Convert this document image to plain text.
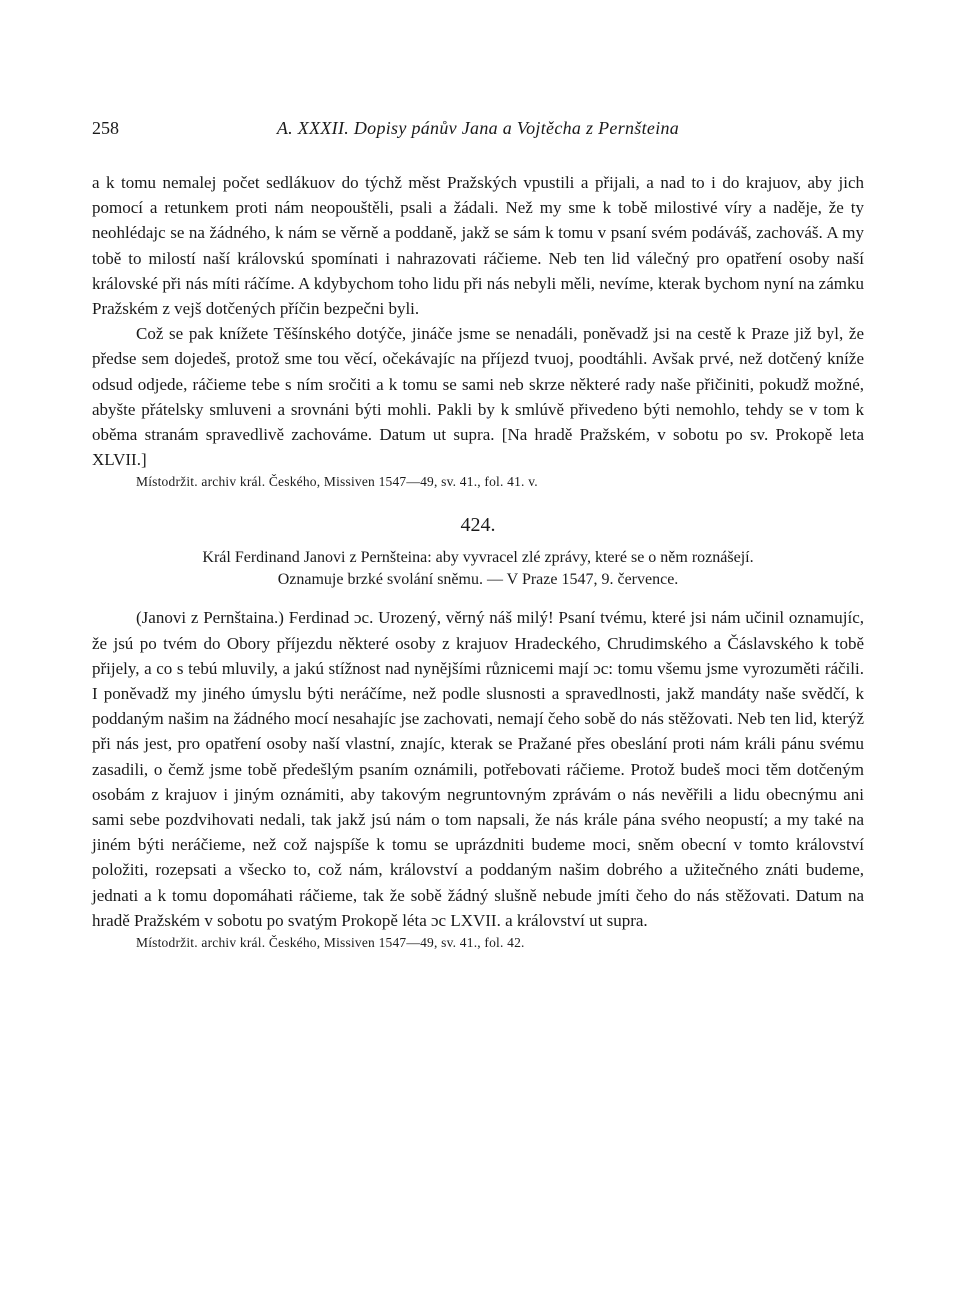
258	A. XXXII. Dopisy pánův Jana a Vojtěcha z Pernšteina

a k tomu nemalej počet sedlákuov do týchž měst Pražských vpustili a přijali, a nad to i do krajuov, aby jich pomocí a retunkem proti nám neopouštěli, psali a žádali. Než my sme k tobě milostivé víry a naděje, že ty neohlédajc se na žádného, k nám se věrně a poddaně, jakž se sám k tomu v psaní svém podáváš, zachováš. A my tobě to milostí naší královskú spomínati i nahrazovati ráčieme. Neb ten lid válečný pro opatření osoby naší královské při nás míti ráčíme. A kdybychom toho lidu při nás nebyli měli, nevíme, kterak bychom nyní na zámku Pražském z vejš dotčených příčin bezpečni byli.

Což se pak knížete Těšínského dotýče, jináče jsme se nenadáli, poněvadž jsi na cestě k Praze již byl, že předse sem dojedeš, protož sme tou věcí, očekávajíc na příjezd tvuoj, poodtáhli. Avšak prvé, než dotčený kníže odsud odjede, ráčieme tebe s ním sročiti a k tomu se sami neb skrze některé rady naše přičiniti, pokudž možné, abyšte přátelsky smluveni a srovnáni býti mohli. Pakli by k smlúvě přivedeno býti nemohlo, tehdy se v tom k oběma stranám spravedlivě zachováme. Datum ut supra. [Na hradě Pražském, v sobotu po sv. Prokopě leta XLVII.]

Místodržit. archiv král. Českého, Missiven 1547—49, sv. 41., fol. 41. v.

424.
Král Ferdinand Janovi z Pernšteina: aby vyvracel zlé zprávy, které se o něm roznášejí.
Oznamuje brzké svolání sněmu. — V Praze 1547, 9. července.

(Janovi z Pernštaina.) Ferdinad ɔc. Urozený, věrný náš milý! Psaní tvému, které jsi nám učinil oznamujíc, že jsú po tvém do Obory příjezdu některé osoby z krajuov Hradeckého, Chrudimského a Čáslavského k tobě přijely, a co s tebú mluvily, a jakú stížnost nad nynějšími různicemi mají ɔc: tomu všemu jsme vyrozuměti ráčili. I poněvadž my jiného úmyslu býti neráčíme, než podle slusnosti a spravedlnosti, jakž mandáty naše svědčí, k poddaným našim na žádného mocí nesahajíc jse zachovati, nemají čeho sobě do nás stěžovati. Neb ten lid, kterýž při nás jest, pro opatření osoby naší vlastní, znajíc, kterak se Pražané přes obeslání proti nám králi pánu svému zasadili, o čemž jsme tobě předešlým psaním oznámili, potřebovati ráčieme. Protož budeš moci těm dotčeným osobám z krajuov i jiným oznámiti, aby takovým negruntovným zprávám o nás nevěřili a lidu obecnýmu ani sami sebe pozdvihovati nedali, tak jakž jsú nám o tom napsali, že nás krále pána svého neopustí; a my také na jiném býti neráčieme, než což najspíše k tomu se uprázdniti budeme moci, sněm obecní v tomto království položiti, rozepsati a všecko to, což nám, království a poddaným našim dobrého a užitečného znáti budeme, jednati a k tomu dopomáhati ráčieme, tak že sobě žádný slušně nebude jmíti čeho do nás stěžovati. Datum na hradě Pražském v sobotu po svatým Prokopě léta ɔc LXVII. a království ut supra.

Místodržit. archiv král. Českého, Missiven 1547—49, sv. 41., fol. 42.
